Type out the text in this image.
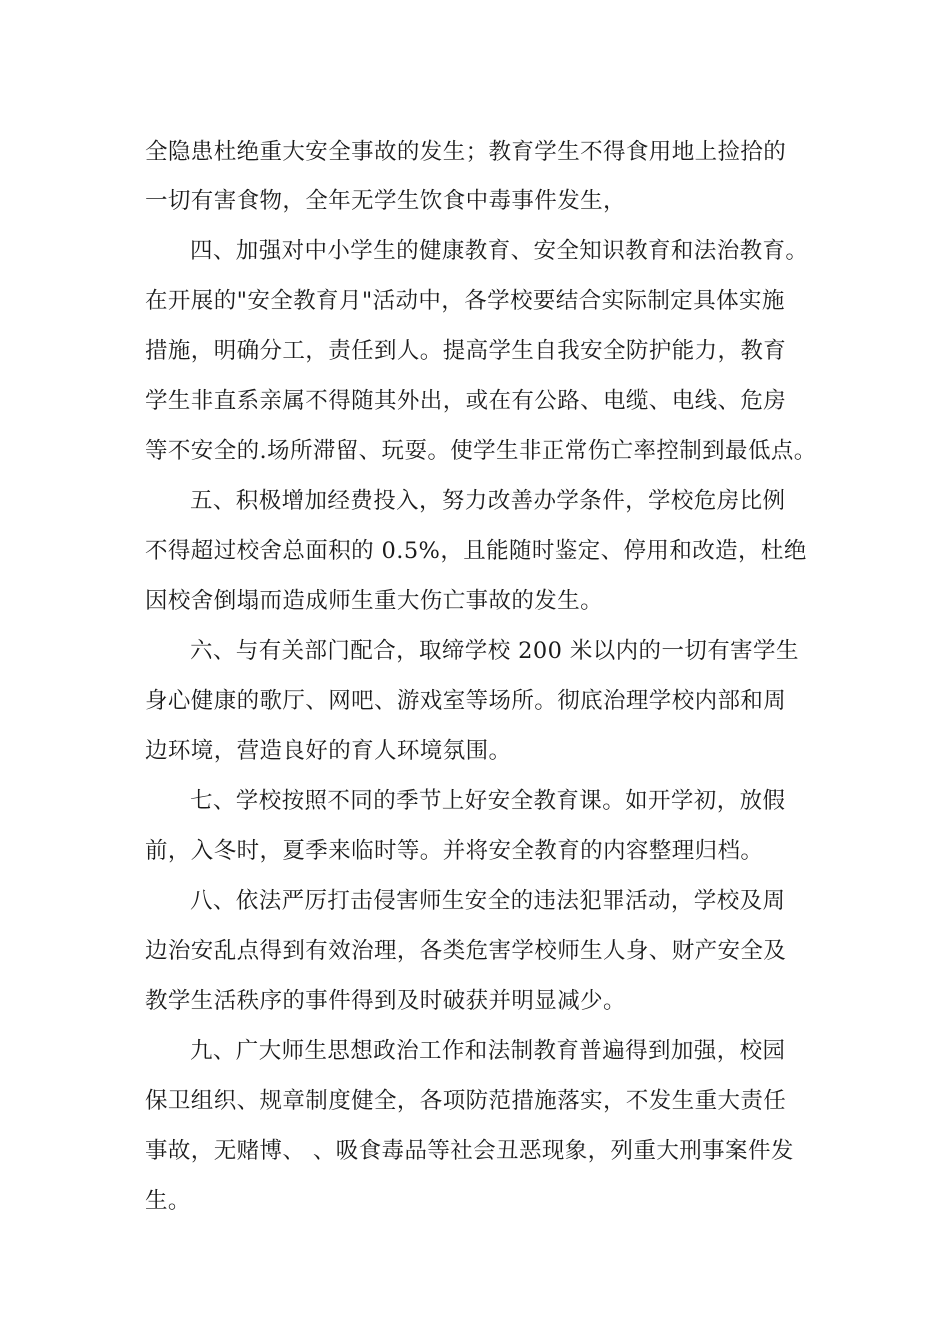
全隐患杜绝重大安全事故的发生；教育学生不得食用地上捡拾的
一切有害食物，全年无学生饮食中毒事件发生，
四、加强对中小学生的健康教育、安全知识教育和法治教育。
在开展的"安全教育月"活动中，各学校要结合实际制定具体实施
措施，明确分工，责任到人。提高学生自我安全防护能力，教育
学生非直系亲属不得随其外出，或在有公路、电缆、电线、危房
等不安全的.场所滞留、玩耍。使学生非正常伤亡率控制到最低点。
五、积极增加经费投入，努力改善办学条件，学校危房比例
不得超过校舍总面积的 0.5%，且能随时鉴定、停用和改造，杜绝
因校舍倒塌而造成师生重大伤亡事故的发生。
六、与有关部门配合，取缔学校 200 米以内的一切有害学生
身心健康的歌厅、网吧、游戏室等场所。彻底治理学校内部和周
边环境，营造良好的育人环境氛围。
七、学校按照不同的季节上好安全教育课。如开学初，放假
前，入冬时，夏季来临时等。并将安全教育的内容整理归档。
八、依法严厉打击侵害师生安全的违法犯罪活动，学校及周
边治安乱点得到有效治理，各类危害学校师生人身、财产安全及
教学生活秩序的事件得到及时破获并明显减少。
九、广大师生思想政治工作和法制教育普遍得到加强，校园
保卫组织、规章制度健全，各项防范措施落实，不发生重大责任
事故，无赌博、 、吸食毒品等社会丑恶现象，列重大刑事案件发
生。
